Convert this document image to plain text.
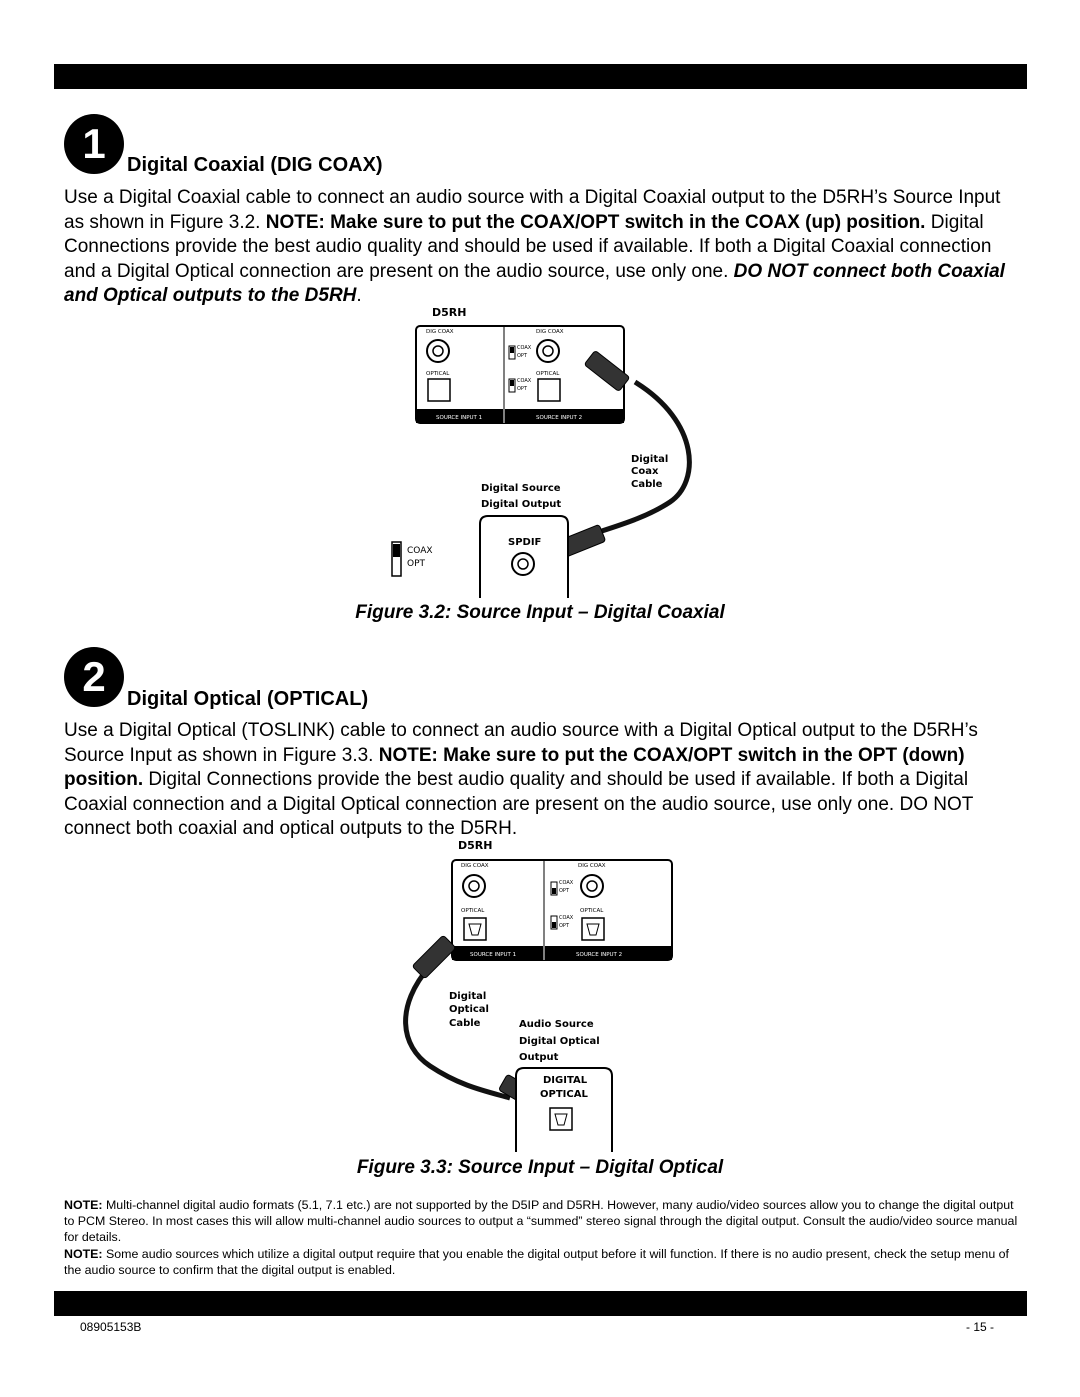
1	Digital Coaxial (DIG COAX)
Use a Digital Coaxial cable to connect an audio source with a Digital Coaxial output to the D5RH’s Source Input as shown in Figure 3.2. NOTE: Make sure to put the COAX/OPT switch in the COAX (up) position. Digital Connections provide the best audio quality and should be used if available. If both a Digital Coaxial connection and a Digital Optical connection are present on the audio source, use only one. DO NOT connect both Coaxial and Optical outputs to the D5RH.
D5RH
DIG COAX	DIG COAX
COAX
OPT
OPTICAL	OPTICAL
COAX
OPT
SOURCE INPUT 1	SOURCE INPUT 2
Digital
Coax
Cable
Digital Source
Digital Output
SPDIF
COAX
OPT
Figure 3.2: Source Input – Digital Coaxial
2	Digital Optical (OPTICAL)
Use a Digital Optical (TOSLINK) cable to connect an audio source with a Digital Optical output to the D5RH’s Source Input as shown in Figure 3.3. NOTE: Make sure to put the COAX/OPT switch in the OPT (down) position. Digital Connections provide the best audio quality and should be used if available. If both a Digital Coaxial connection and a Digital Optical connection are present on the audio source, use only one. DO NOT connect both coaxial and optical outputs to the D5RH.
D5RH
DIG COAX	DIG COAX
COAX
OPT
OPTICAL	OPTICAL
COAX
OPT
SOURCE INPUT 1	SOURCE INPUT 2
Digital
Optical
Cable	Audio Source
Digital Optical
Output
DIGITAL
OPTICAL
Figure 3.3: Source Input – Digital Optical

NOTE: Multi-channel digital audio formats (5.1, 7.1 etc.) are not supported by the D5IP and D5RH. However, many audio/video sources allow you to change the digital output to PCM Stereo. In most cases this will allow multi-channel audio sources to output a “summed” stereo signal through the digital output. Consult the audio/video source manual for details.

NOTE: Some audio sources which utilize a digital output require that you enable the digital output before it will function. If there is no audio present, check the setup menu of the audio source to confirm that the digital output is enabled.

08905153B	- 15 -
